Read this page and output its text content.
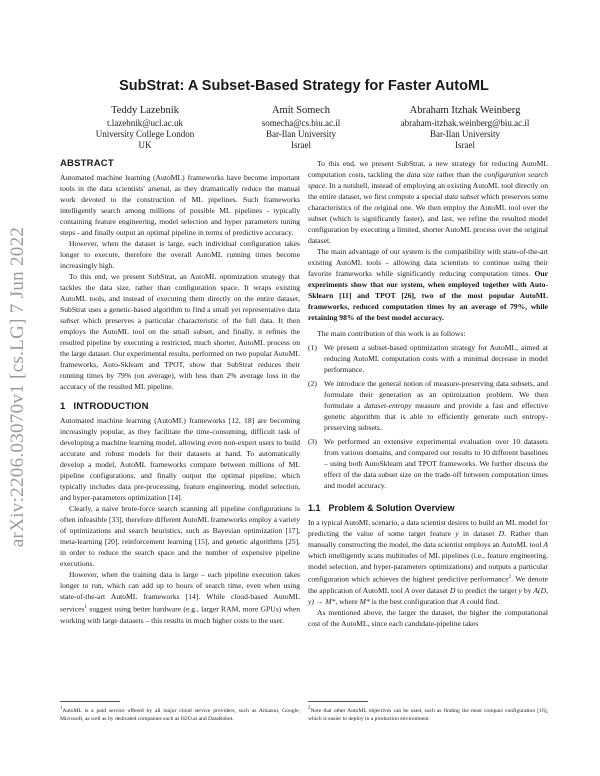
arXiv:2206.03070v1 [cs.LG] 7 Jun 2022
SubStrat: A Subset-Based Strategy for Faster AutoML
Teddy Lazebnik
t.lazebnik@ucl.ac.uk
University College London
UK
Amit Somech
somecha@cs.biu.ac.il
Bar-Ilan University
Israel
Abraham Itzhak Weinberg
abraham-itzhak.weinberg@biu.ac.il
Bar-Ilan University
Israel
ABSTRACT

Automated machine learning (AutoML) frameworks have become important tools in the data scientists' arsenal, as they dramatically reduce the manual work devoted to the construction of ML pipelines. Such frameworks intelligently search among millions of possible ML pipelines - typically containing feature engineering, model selection and hyper parameters tuning steps - and finally output an optimal pipeline in terms of predictive accuracy.

However, when the dataset is large, each individual configuration takes longer to execute, therefore the overall AutoML running times become increasingly high.

To this end, we present SubStrat, an AutoML optimization strategy that tackles the data size, rather than configuration space. It wraps existing AutoML tools, and instead of executing them directly on the entire dataset, SubStrat uses a genetic-based algorithm to find a small yet representative data subset which preserves a particular characteristic of the full data. It then employs the AutoML tool on the small subset, and finally, it refines the resulted pipeline by executing a restricted, much shorter, AutoML process on the large dataset. Our experimental results, performed on two popular AutoML frameworks, Auto-Sklearn and TPOT, show that SubStrat reduces their running times by 79% (on average), with less than 2% average loss in the accuracy of the resulted ML pipeline.

1 INTRODUCTION

Automated machine learning (AutoML) frameworks [12, 18] are becoming increasingly popular, as they facilitate the time-consuming, difficult task of developing a machine learning model, allowing even non-expert users to build accurate and robust models for their datasets at hand. To automatically develop a model, AutoML frameworks compare between millions of ML pipeline configurations, and finally output the optimal pipeline, which typically includes data pre-processing, feature engineering, model selection, and hyper-parameters optimization [14].

Clearly, a naive brute-force search scanning all pipeline configurations is often infeasible [33], therefore different AutoML frameworks employ a variety of optimizations and search heuristics, such as Bayesian optimization [17], meta-learning [20], reinforcement learning [15], and genetic algorithms [25], in order to reduce the search space and the number of expensive pipeline executions.

However, when the training data is large – each pipeline execution takes longer to run, which can add up to hours of search time, even when using state-of-the-art AutoML frameworks [14]. While cloud-based AutoML services$^1$ suggest using better hardware (e.g., larger RAM, more GPUs) when working with large datasets – this results in much higher costs to the user.

To this end, we present SubStrat, a new strategy for reducing AutoML computation costs, tackling the data size rather than the configuration search space. In a nutshell, instead of employing an existing AutoML tool directly on the entire dataset, we first compute a special data subset which preserves some characteristics of the original one. We then employ the AutoML tool over the subset (which is significantly faster), and last, we refine the resulted model configuration by executing a limited, shorter AutoML process over the original dataset.

The main advantage of our system is the compatibility with state-of-the-art existing AutoML tools – allowing data scientists to continue using their favorite frameworks while significantly reducing computation times. Our experiments show that our system, when employed together with Auto-Sklearn [11] and TPOT [26], two of the most popular AutoML frameworks, reduced computation times by an average of 79%, while retaining 98% of the best model accuracy.

The main contribution of this work is as follows:

(1) We present a subset-based optimization strategy for AutoML, aimed at reducing AutoML computation costs with a minimal decrease in model performance.
(2) We introduce the general notion of measure-preserving data subsets, and formulate their generation as an optimization problem. We then formulate a dataset-entropy measure and provide a fast and effective genetic algorithm that is able to efficiently generate such entropy-preserving subsets.
(3) We performed an extensive experimental evaluation over 10 datasets from various domains, and compared our results to 10 different baselines – using both AutoSklearn and TPOT frameworks. We further discuss the effect of the data subset size on the trade-off between computation times and model accuracy.
1.1 Problem & Solution Overview

In a typical AutoML scenario, a data scientist desires to build an ML model for predicting the value of some target feature y in dataset D. Rather than manually constructing the model, the data scientist employs an AutoML tool A which intelligently scans multitudes of ML pipelines (i.e., feature engineering, model selection, and hyper-parameters optimizations) and outputs a particular configuration which achieves the highest predictive performance$^2$. We denote the application of AutoML tool A over dataset D to predict the target y by A(D, y) → M*, where M* is the best configuration that A could find.

As mentioned above, the larger the dataset, the higher the computational cost of the AutoML, since each candidate-pipeline takes

$^1$AutoML is a paid service offered by all major cloud service providers, such as Amazon, Google, Microsoft, as well as by dedicated companies such as H2O.ai and DataRobot.

$^2$Note that other AutoML objectives can be used, such as finding the most compact configuration [16], which is easier to deploy in a production environment.
